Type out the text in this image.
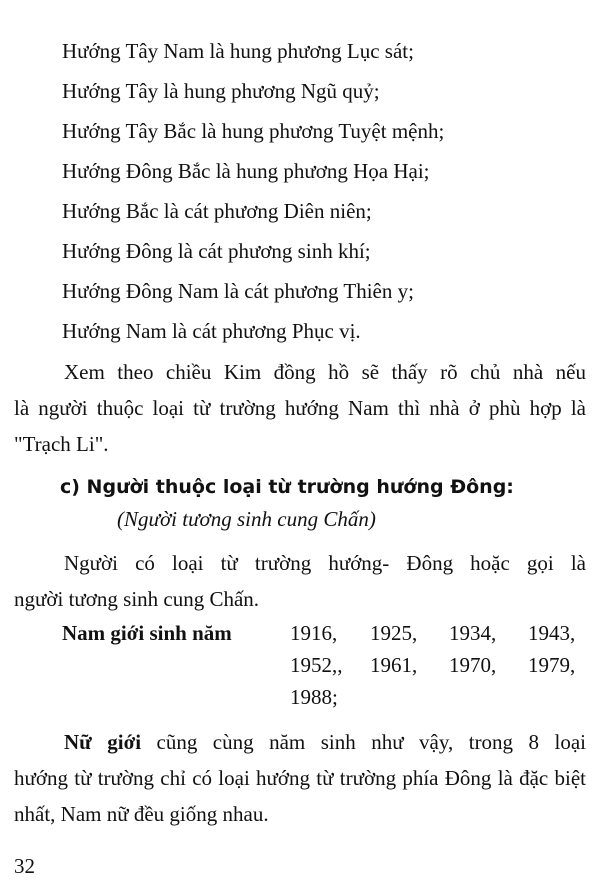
Hướng Tây Nam là hung phương Lục sát;
Hướng Tây là hung phương Ngũ quỷ;
Hướng Tây Bắc là hung phương Tuyệt mệnh;
Hướng Đông Bắc là hung phương Họa Hại;
Hướng Bắc là cát phương Diên niên;
Hướng Đông là cát phương sinh khí;
Hướng Đông Nam là cát phương Thiên y;
Hướng Nam là cát phương Phục vị.
Xem theo chiều Kim đồng hồ sẽ thấy rõ chủ nhà nếu
là người thuộc loại từ trường hướng Nam thì nhà ở phù hợp là "Trạch Li".
c) Người thuộc loại từ trường hướng Đông:
(Người tương sinh cung Chấn)
Người có loại từ trường hướng- Đông hoặc gọi là
người tương sinh cung Chấn.
Nam giới sinh năm	1916, 1925, 1934, 1943,
1952,, 1961, 1970, 1979,
1988;
Nữ giới cũng cùng năm sinh như vậy, trong 8 loại
hướng từ trường chỉ có loại hướng từ trường phía Đông là đặc biệt nhất, Nam nữ đều giống nhau.
32
